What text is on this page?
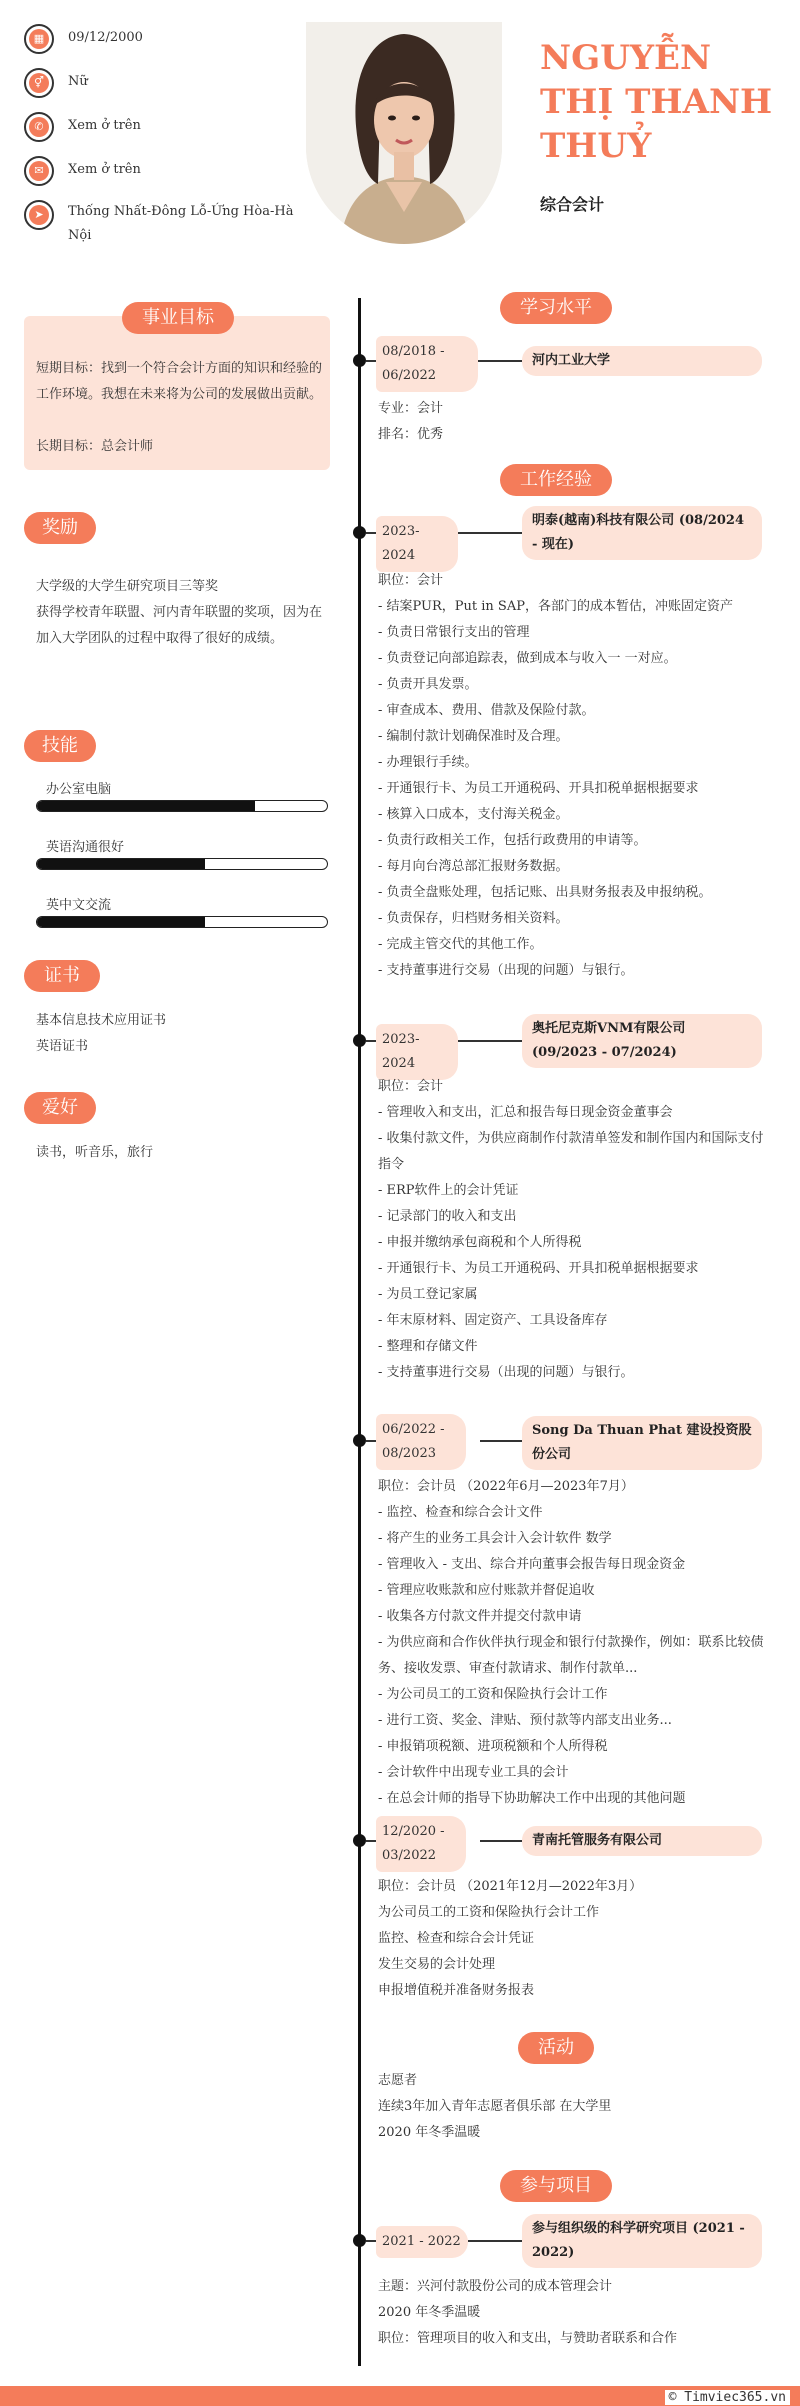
▦	09/12/2000
⚥	Nữ
✆	Xem ở trên
✉	Xem ở trên
➤	Thống Nhất-Đông Lỗ-Ứng Hòa-Hà Nội
NGUYỄN THỊ THANH THUỶ
综合会计
事业目标
短期目标：找到一个符合会计方面的知识和经验的工作环境。我想在未来将为公司的发展做出贡献。
长期目标：总会计师
奖励
大学级的大学生研究项目三等奖
获得学校青年联盟、河内青年联盟的奖项，因为在加入大学团队的过程中取得了很好的成绩。
技能
办公室电脑
英语沟通很好
英中文交流
证书
基本信息技术应用证书
英语证书
爱好
读书，听音乐，旅行
学习水平
08/2018 - 06/2022
河内工业大学
专业：会计
排名：优秀
工作经验
2023-2024
明泰(越南)科技有限公司 (08/2024 - 现在)
职位：会计
- 结案PUR，Put in SAP，各部门的成本暂估，冲账固定资产
- 负责日常银行支出的管理
- 负责登记向部追踪表，做到成本与收入一 一对应。
- 负责开具发票。
- 审查成本、费用、借款及保险付款。
- 编制付款计划确保准时及合理。
- 办理银行手续。
- 开通银行卡、为员工开通税码、开具扣税单据根据要求
- 核算入口成本，支付海关税金。
- 负责行政相关工作，包括行政费用的申请等。
- 每月向台湾总部汇报财务数据。
- 负责全盘账处理，包括记账、出具财务报表及申报纳税。
- 负责保存，归档财务相关资料。
- 完成主管交代的其他工作。
- 支持董事进行交易（出现的问题）与银行。
2023-2024
奥托尼克斯VNM有限公司 (09/2023 - 07/2024)
职位：会计
- 管理收入和支出，汇总和报告每日现金资金董事会
- 收集付款文件，为供应商制作付款清单签发和制作国内和国际支付指令
- ERP软件上的会计凭证
- 记录部门的收入和支出
- 申报并缴纳承包商税和个人所得税
- 开通银行卡、为员工开通税码、开具扣税单据根据要求
- 为员工登记家属
- 年末原材料、固定资产、工具设备库存
- 整理和存储文件
- 支持董事进行交易（出现的问题）与银行。
06/2022 - 08/2023
Song Da Thuan Phat 建设投资股份公司
职位：会计员 （2022年6月—2023年7月）
- 监控、检查和综合会计文件
- 将产生的业务工具会计入会计软件 数学
- 管理收入 - 支出、综合并向董事会报告每日现金资金
- 管理应收账款和应付账款并督促追收
- 收集各方付款文件并提交付款申请
- 为供应商和合作伙伴执行现金和银行付款操作，例如：联系比较债务、接收发票、审查付款请求、制作付款单...
- 为公司员工的工资和保险执行会计工作
- 进行工资、奖金、津贴、预付款等内部支出业务...
- 申报销项税额、进项税额和个人所得税
- 会计软件中出现专业工具的会计
- 在总会计师的指导下协助解决工作中出现的其他问题
12/2020 - 03/2022
青南托管服务有限公司
职位：会计员 （2021年12月—2022年3月）
为公司员工的工资和保险执行会计工作
监控、检查和综合会计凭证
发生交易的会计处理
申报增值税并准备财务报表
活动
志愿者
连续3年加入青年志愿者俱乐部 在大学里
2020 年冬季温暖
参与项目
2021 - 2022
参与组织级的科学研究项目 (2021 - 2022)
主题：兴河付款股份公司的成本管理会计
2020 年冬季温暖
职位：管理项目的收入和支出，与赞助者联系和合作
© Timviec365.vn
